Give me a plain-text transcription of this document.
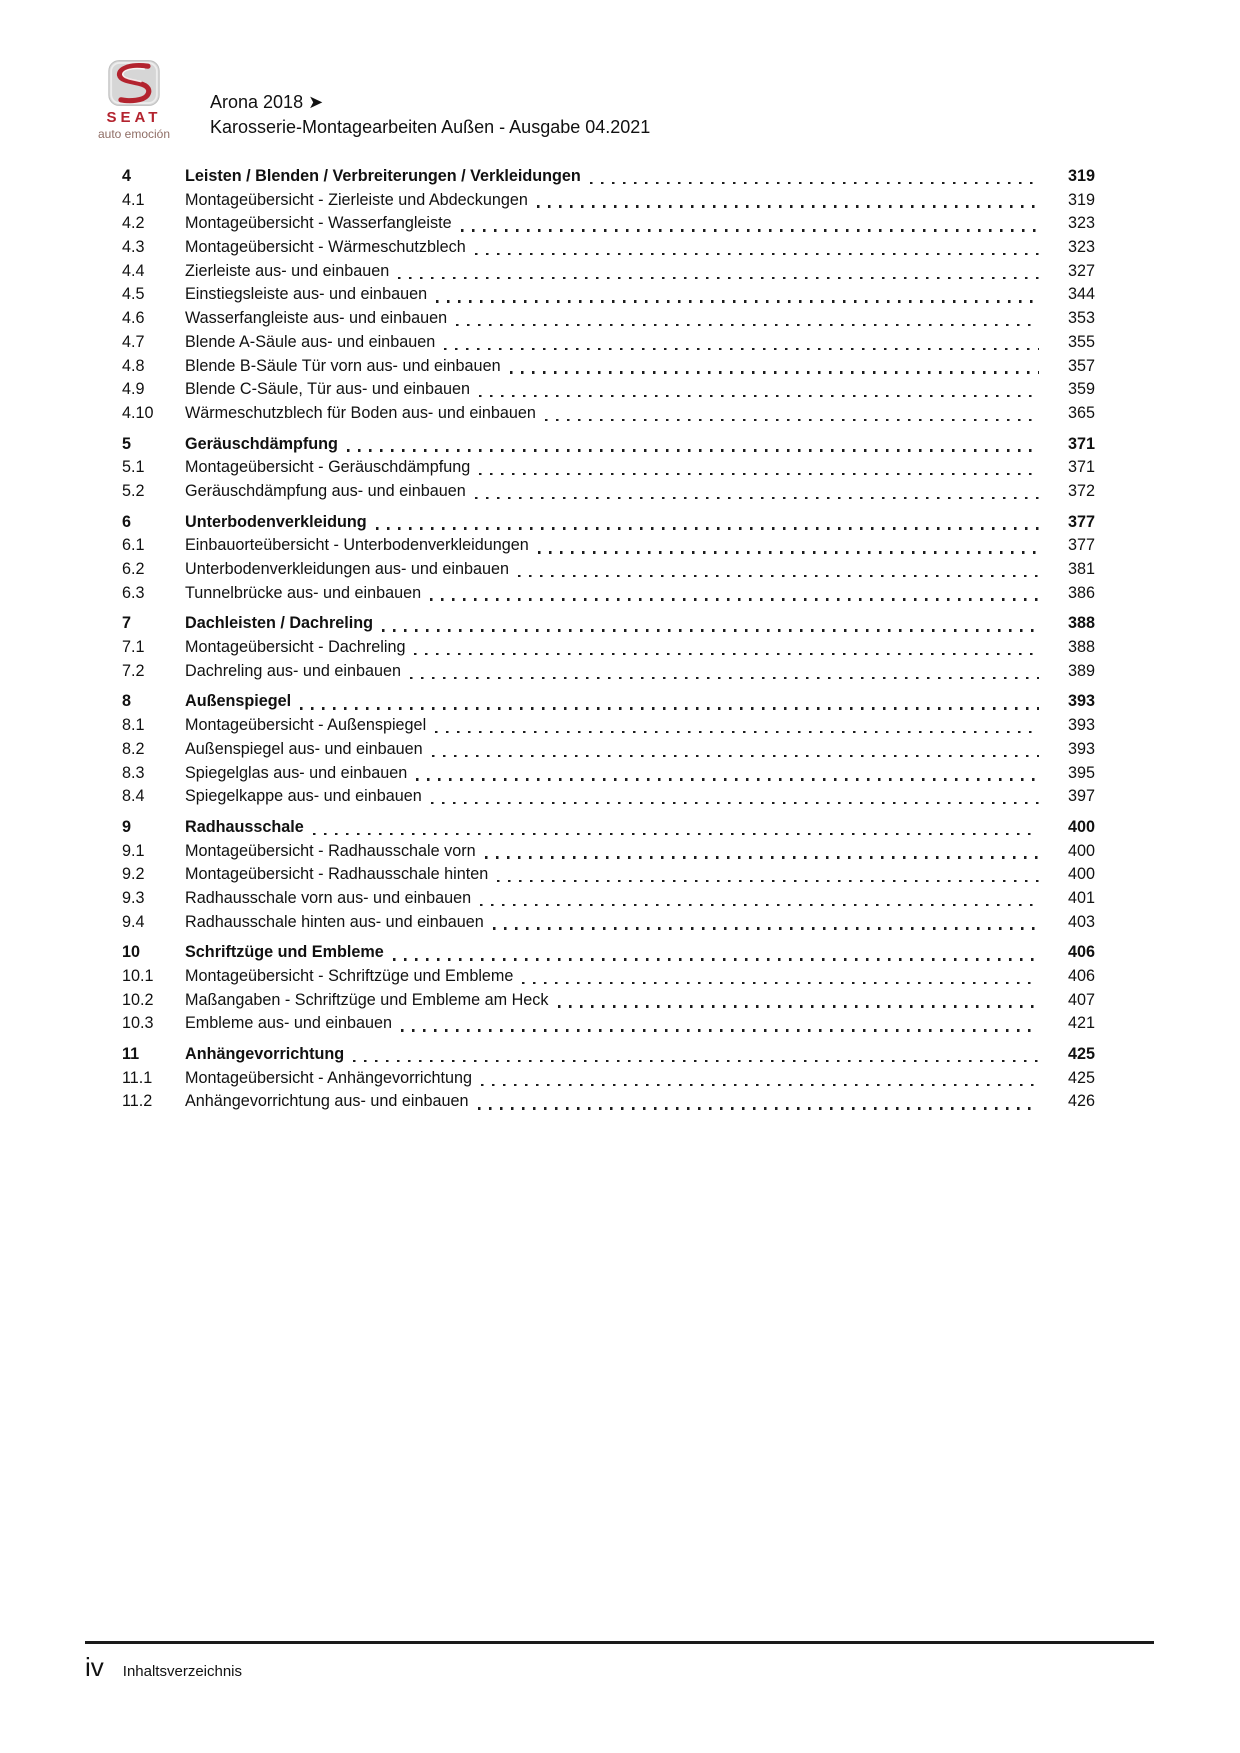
SEAT
auto emoción
Arona 2018 ➤
Karosserie-Montagearbeiten Außen - Ausgabe 04.2021
4	Leisten / Blenden / Verbreiterungen / Verkleidungen	319
4.1	Montageübersicht - Zierleiste und Abdeckungen	319
4.2	Montageübersicht - Wasserfangleiste	323
4.3	Montageübersicht - Wärmeschutzblech	323
4.4	Zierleiste aus- und einbauen	327
4.5	Einstiegsleiste aus- und einbauen	344
4.6	Wasserfangleiste aus- und einbauen	353
4.7	Blende A-Säule aus- und einbauen	355
4.8	Blende B-Säule Tür vorn aus- und einbauen	357
4.9	Blende C-Säule, Tür aus- und einbauen	359
4.10	Wärmeschutzblech für Boden aus- und einbauen	365
5	Geräuschdämpfung	371
5.1	Montageübersicht - Geräuschdämpfung	371
5.2	Geräuschdämpfung aus- und einbauen	372
6	Unterbodenverkleidung	377
6.1	Einbauorteübersicht - Unterbodenverkleidungen	377
6.2	Unterbodenverkleidungen aus- und einbauen	381
6.3	Tunnelbrücke aus- und einbauen	386
7	Dachleisten / Dachreling	388
7.1	Montageübersicht - Dachreling	388
7.2	Dachreling aus- und einbauen	389
8	Außenspiegel	393
8.1	Montageübersicht - Außenspiegel	393
8.2	Außenspiegel aus- und einbauen	393
8.3	Spiegelglas aus- und einbauen	395
8.4	Spiegelkappe aus- und einbauen	397
9	Radhausschale	400
9.1	Montageübersicht - Radhausschale vorn	400
9.2	Montageübersicht - Radhausschale hinten	400
9.3	Radhausschale vorn aus- und einbauen	401
9.4	Radhausschale hinten aus- und einbauen	403
10	Schriftzüge und Embleme	406
10.1	Montageübersicht - Schriftzüge und Embleme	406
10.2	Maßangaben - Schriftzüge und Embleme am Heck	407
10.3	Embleme aus- und einbauen	421
11	Anhängevorrichtung	425
11.1	Montageübersicht - Anhängevorrichtung	425
11.2	Anhängevorrichtung aus- und einbauen	426
iv Inhaltsverzeichnis
